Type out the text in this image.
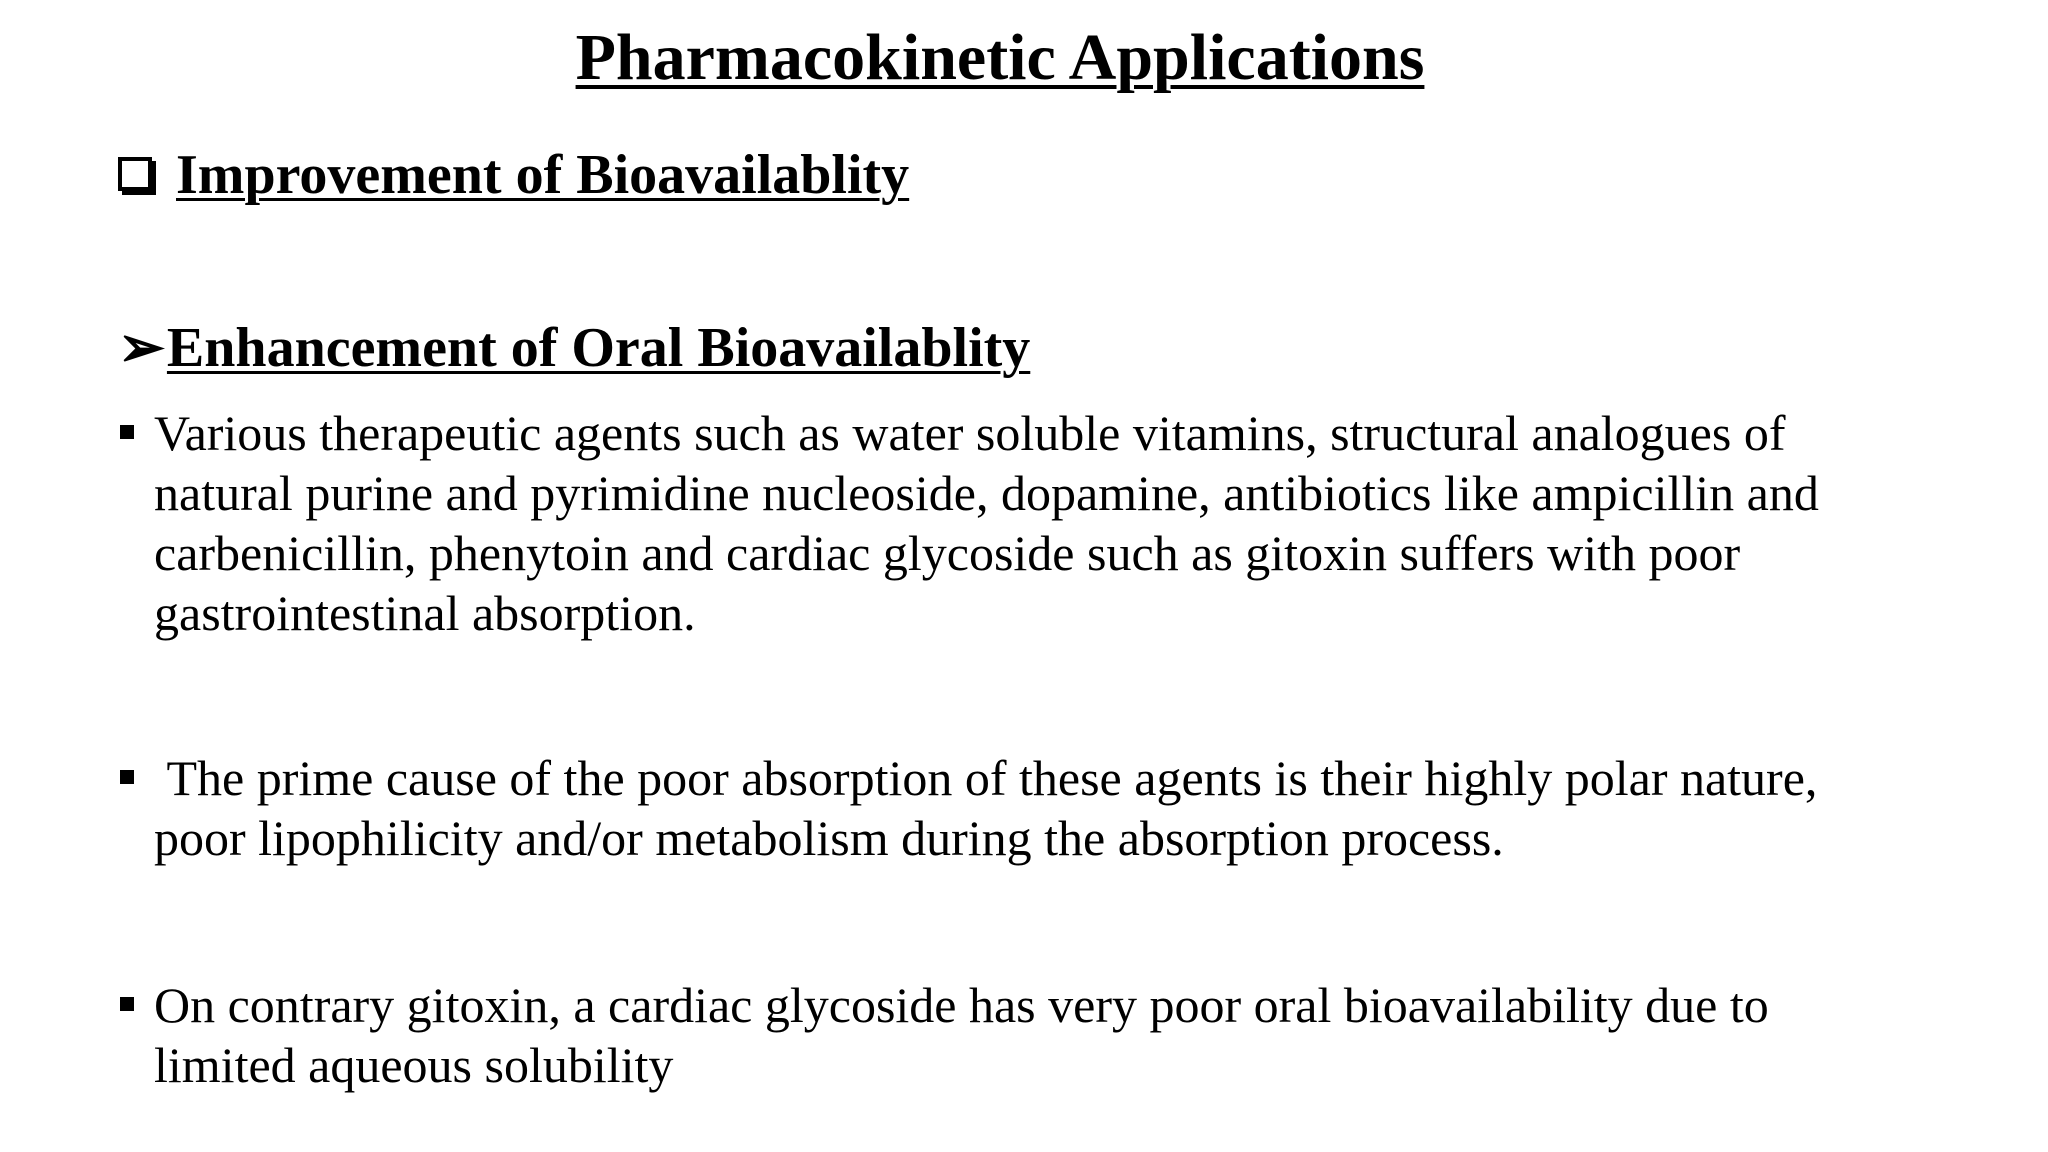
Pharmacokinetic Applications
Improvement of Bioavailablity
➢Enhancement of Oral Bioavailablity
Various therapeutic agents such as water soluble vitamins, structural analogues of natural purine and pyrimidine nucleoside, dopamine, antibiotics like ampicillin and carbenicillin, phenytoin and cardiac glycoside such as gitoxin suffers with poor gastrointestinal absorption.
The prime cause of the poor absorption of these agents is their highly polar nature, poor lipophilicity and/or metabolism during the absorption process.
On contrary gitoxin, a cardiac glycoside has very poor oral bioavailability due to limited aqueous solubility
